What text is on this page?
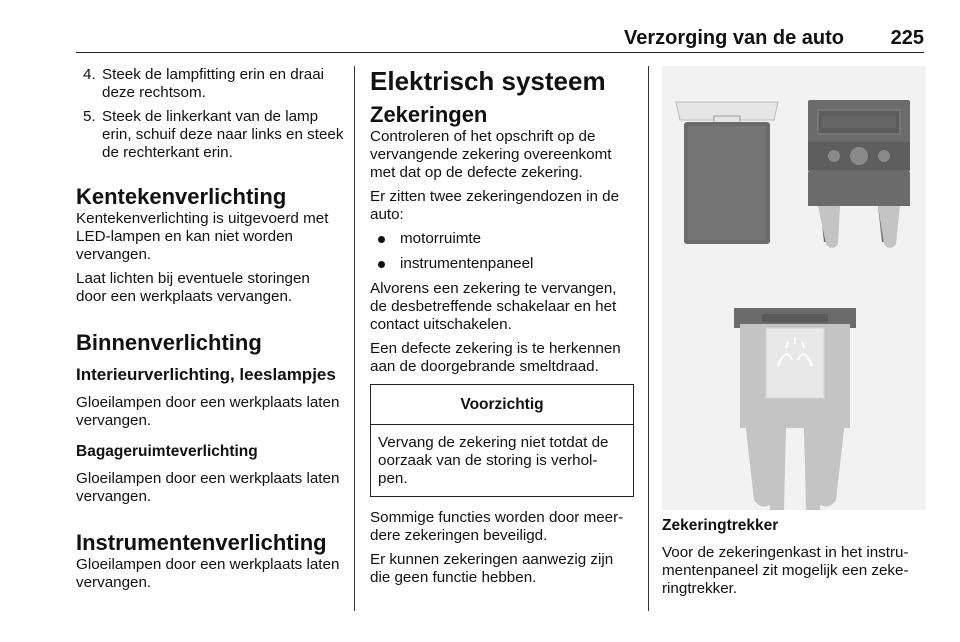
Verzorging van de auto 225
4. Steek de lampfitting erin en draai deze rechtsom.
5. Steek de linkerkant van de lamp erin, schuif deze naar links en steek de rechterkant erin.
Kentekenverlichting

Kentekenverlichting is uitgevoerd met LED-lampen en kan niet worden vervangen.

Laat lichten bij eventuele storingen door een werkplaats vervangen.

Binnenverlichting
Interieurverlichting, leeslampjes

Gloeilampen door een werkplaats laten vervangen.

Bagageruimteverlichting

Gloeilampen door een werkplaats laten vervangen.

Instrumentenverlichting

Gloeilampen door een werkplaats laten vervangen.

Elektrisch systeem
Zekeringen

Controleren of het opschrift op de vervangende zekering overeenkomt met dat op de defecte zekering.

Er zitten twee zekeringendozen in de auto:

motorruimte
instrumentenpaneel

Alvorens een zekering te vervangen, de desbetreffende schakelaar en het contact uitschakelen.

Een defecte zekering is te herkennen aan de doorgebrande smeltdraad.

Voorzichtig

Vervang de zekering niet totdat de oorzaak van de storing is verhol-pen.

Sommige functies worden door meer-dere zekeringen beveiligd.

Er kunnen zekeringen aanwezig zijn die geen functie hebben.

Zekeringtrekker

Voor de zekeringenkast in het instru-mentenpaneel zit mogelijk een zeke-ringtrekker.
